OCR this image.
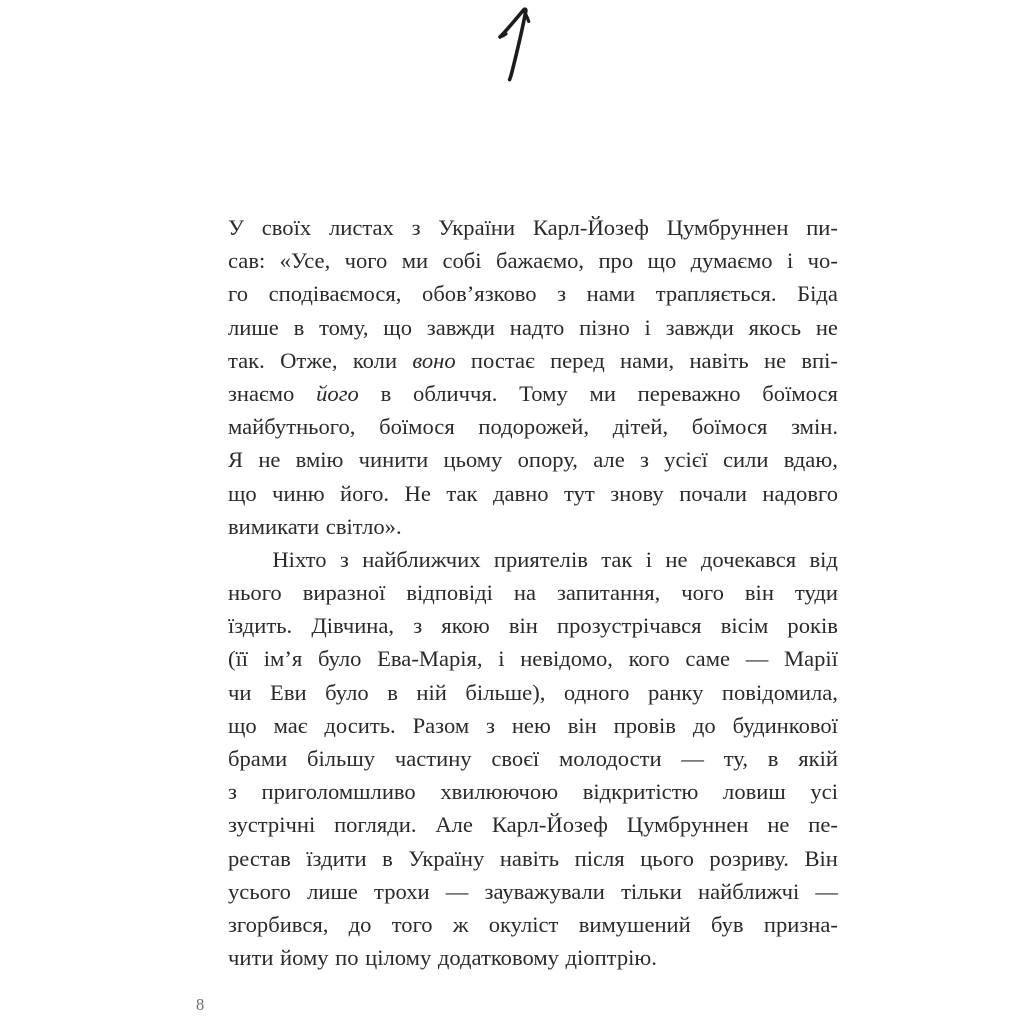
У своїх листах з України Карл-Йозеф Цумбруннен пи-
сав: «Усе, чого ми собі бажаємо, про що думаємо і чо-
го сподіваємося, обов’язково з нами трапляється. Біда
лише в тому, що завжди надто пізно і завжди якось не
так. Отже, коли воно постає перед нами, навіть не впі-
знаємо його в обличчя. Тому ми переважно боїмося
майбутнього, боїмося подорожей, дітей, боїмося змін.
Я не вмію чинити цьому опору, але з усієї сили вдаю,
що чиню його. Не так давно тут знову почали надовго
вимикати світло».
Ніхто з найближчих приятелів так і не дочекався від
нього виразної відповіді на запитання, чого він туди
їздить. Дівчина, з якою він прозустрічався вісім років
(її ім’я було Ева-Марія, і невідомо, кого саме — Марії
чи Еви було в ній більше), одного ранку повідомила,
що має досить. Разом з нею він провів до будинкової
брами більшу частину своєї молодости — ту, в якій
з приголомшливо хвилюючою відкритістю ловиш усі
зустрічні погляди. Але Карл-Йозеф Цумбруннен не пе-
рестав їздити в Україну навіть після цього розриву. Він
усього лише трохи — зауважували тільки найближчі —
згорбився, до того ж окуліст вимушений був призна-
чити йому по цілому додатковому діоптрію.
8
